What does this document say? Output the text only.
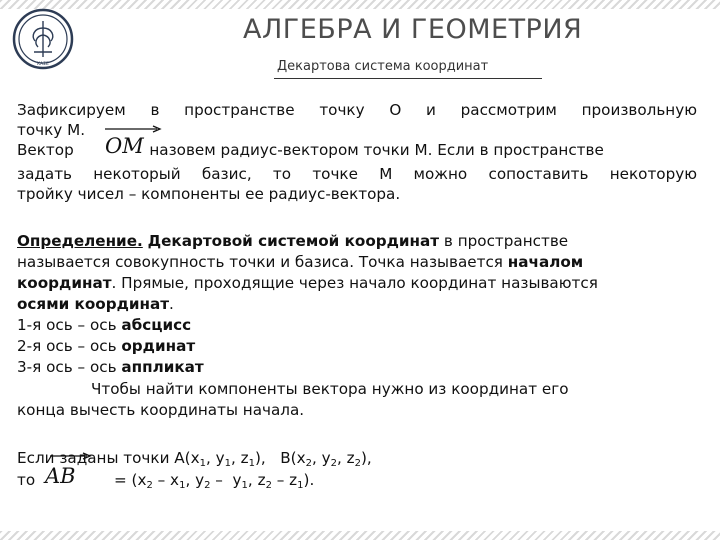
ΚΑΣΕ
АЛГЕБРА И ГЕОМЕТРИЯ
Декартова система координат
Зафиксируем в пространстве точку О и рассмотрим произвольную
точку М.
Вектор OM назовем радиус-вектором точки М. Если в пространстве
задать некоторый базис, то точке М можно сопоставить некоторую
тройку чисел – компоненты ее радиус-вектора.
Определение. Декартовой системой координат в пространстве
называется совокупность точки и базиса. Точка называется началом
координат. Прямые, проходящие через начало координат называются
осями координат.
1-я ось – ось абсцисс
2-я ось – ось ординат
3-я ось – ось аппликат
Чтобы найти компоненты вектора нужно из координат его
конца вычесть координаты начала.
Если заданы точки A(x1, y1, z1),   B(x2, y2, z2),
то AB	= (x2 – x1, y2 –  y1, z2 – z1).
